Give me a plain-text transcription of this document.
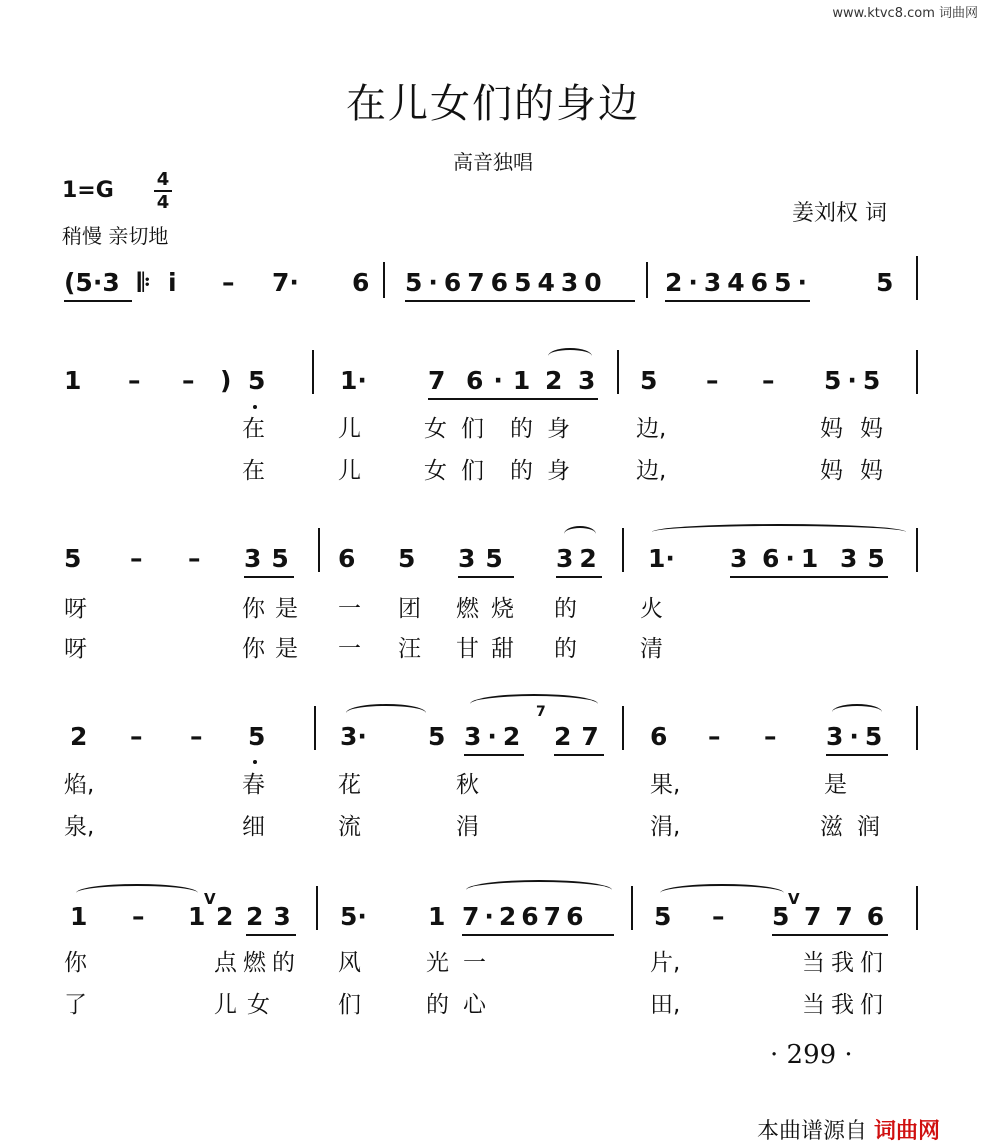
www.ktvc8.com 词曲网
在儿女们的身边
高音独唱
1=G 4
4
稍慢 亲切地
姜刘权 词
(5·3 𝄆 i – 7· 6 5·6765430 2·3465·	5
1 – – ) 5	1· 7 6·1 2 3 5 – – 5·5
在	儿	女们 的身 边,	妈 妈
在	儿	女们 的身 边,	妈 妈
5 – – 35 6 5 35 32 1· 3 6·1 35
呀	你是 一 团 燃烧 的	火
呀	你是 一 汪 甘甜 的	清
2 – – 5	3· 5 3·2
7
27 6 – – 3·5
焰,	春	花	秋	果,	是
泉,	细	流	涓	涓,	滋润
1 – 1
V
2 23 5· 1 7·2676	5 – 5
V
776
你	点燃的 风	光一	片,	当我们
了	儿女	们	的心	田,	当我们
· 299 ·
本曲谱源自 词曲网
